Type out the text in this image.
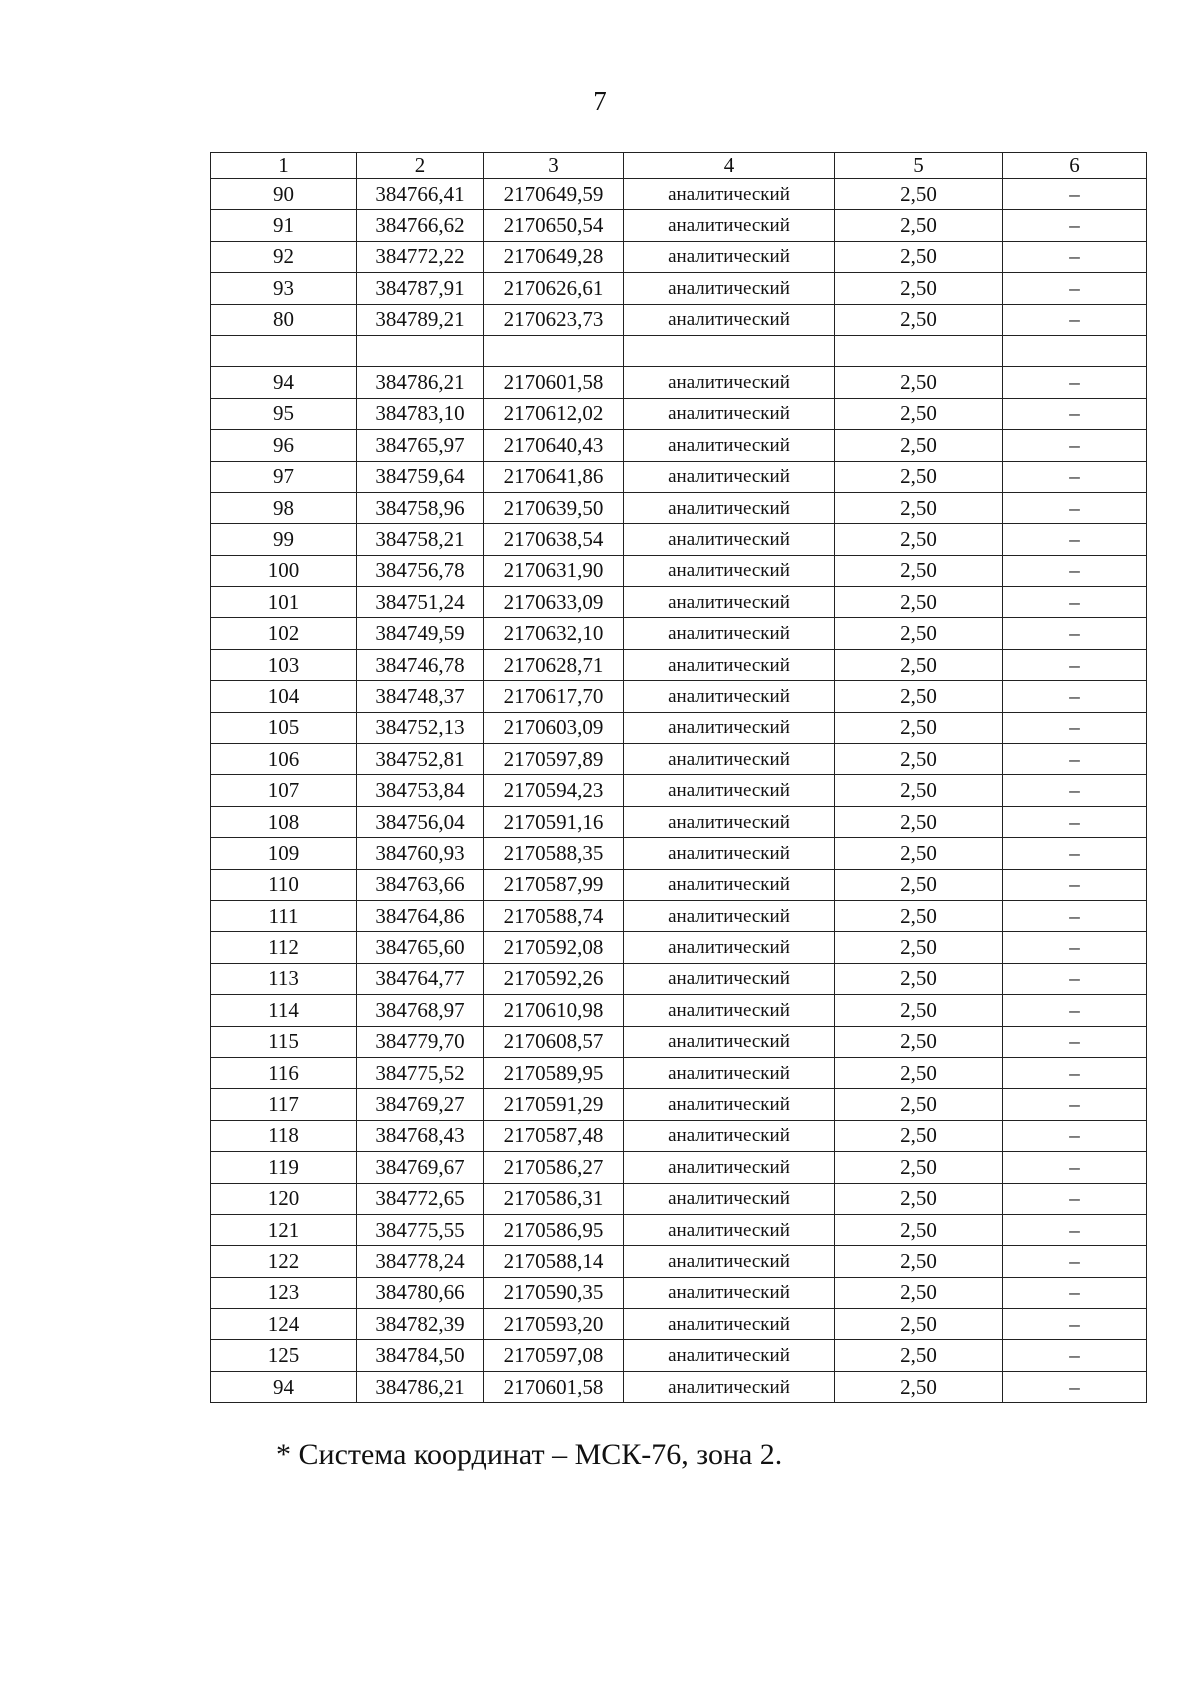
7
1	2	3	4	5	6
90	384766,41	2170649,59	аналитический	2,50	–
91	384766,62	2170650,54	аналитический	2,50	–
92	384772,22	2170649,28	аналитический	2,50	–
93	384787,91	2170626,61	аналитический	2,50	–
80	384789,21	2170623,73	аналитический	2,50	–

94	384786,21	2170601,58	аналитический	2,50	–
95	384783,10	2170612,02	аналитический	2,50	–
96	384765,97	2170640,43	аналитический	2,50	–
97	384759,64	2170641,86	аналитический	2,50	–
98	384758,96	2170639,50	аналитический	2,50	–
99	384758,21	2170638,54	аналитический	2,50	–
100	384756,78	2170631,90	аналитический	2,50	–
101	384751,24	2170633,09	аналитический	2,50	–
102	384749,59	2170632,10	аналитический	2,50	–
103	384746,78	2170628,71	аналитический	2,50	–
104	384748,37	2170617,70	аналитический	2,50	–
105	384752,13	2170603,09	аналитический	2,50	–
106	384752,81	2170597,89	аналитический	2,50	–
107	384753,84	2170594,23	аналитический	2,50	–
108	384756,04	2170591,16	аналитический	2,50	–
109	384760,93	2170588,35	аналитический	2,50	–
110	384763,66	2170587,99	аналитический	2,50	–
111	384764,86	2170588,74	аналитический	2,50	–
112	384765,60	2170592,08	аналитический	2,50	–
113	384764,77	2170592,26	аналитический	2,50	–
114	384768,97	2170610,98	аналитический	2,50	–
115	384779,70	2170608,57	аналитический	2,50	–
116	384775,52	2170589,95	аналитический	2,50	–
117	384769,27	2170591,29	аналитический	2,50	–
118	384768,43	2170587,48	аналитический	2,50	–
119	384769,67	2170586,27	аналитический	2,50	–
120	384772,65	2170586,31	аналитический	2,50	–
121	384775,55	2170586,95	аналитический	2,50	–
122	384778,24	2170588,14	аналитический	2,50	–
123	384780,66	2170590,35	аналитический	2,50	–
124	384782,39	2170593,20	аналитический	2,50	–
125	384784,50	2170597,08	аналитический	2,50	–
94	384786,21	2170601,58	аналитический	2,50	–
* Система координат – МСК-76, зона 2.
